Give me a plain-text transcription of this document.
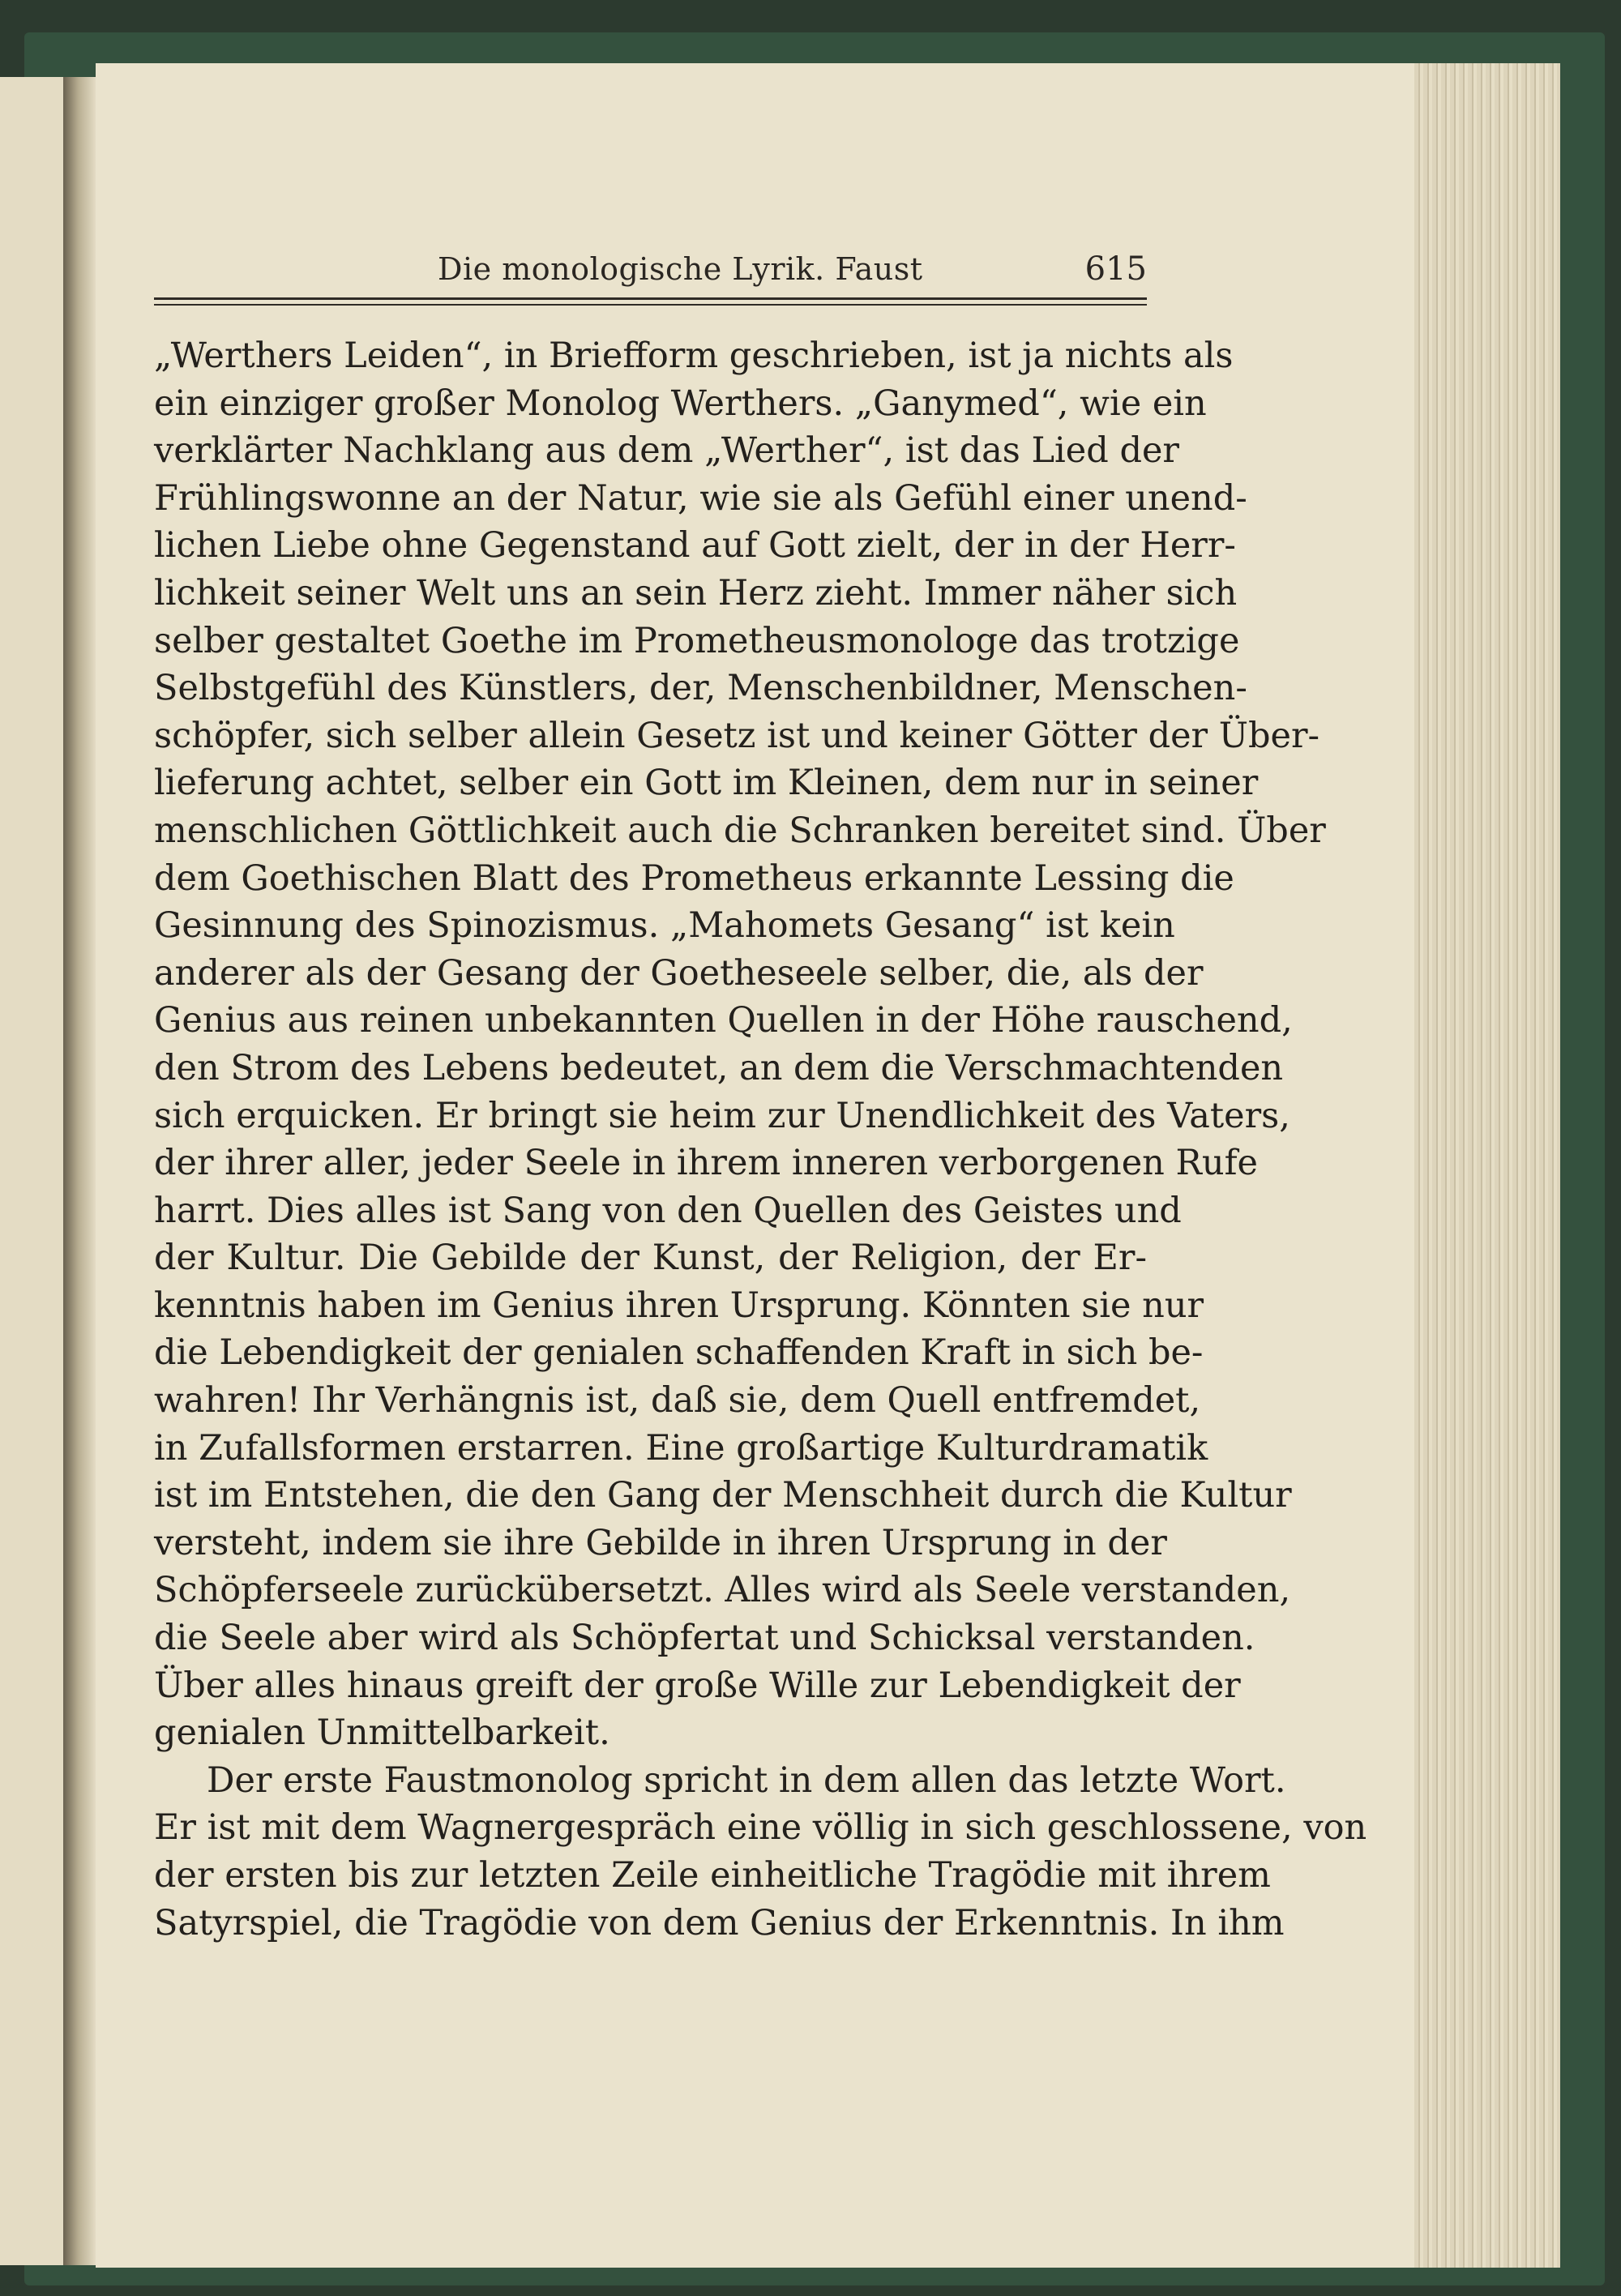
Die monologische Lyrik. Faust	615
„Werthers Leiden“, in Briefform geschrieben, ist ja nichts als
ein einziger großer Monolog Werthers. „Ganymed“, wie ein
verklärter Nachklang aus dem „Werther“, ist das Lied der
Frühlingswonne an der Natur, wie sie als Gefühl einer unend-
lichen Liebe ohne Gegenstand auf Gott zielt, der in der Herr-
lichkeit seiner Welt uns an sein Herz zieht. Immer näher sich
selber gestaltet Goethe im Prometheusmonologe das trotzige
Selbstgefühl des Künstlers, der, Menschenbildner, Menschen-
schöpfer, sich selber allein Gesetz ist und keiner Götter der Über-
lieferung achtet, selber ein Gott im Kleinen, dem nur in seiner
menschlichen Göttlichkeit auch die Schranken bereitet sind. Über
dem Goethischen Blatt des Prometheus erkannte Lessing die
Gesinnung des Spinozismus. „Mahomets Gesang“ ist kein
anderer als der Gesang der Goetheseele selber, die, als der
Genius aus reinen unbekannten Quellen in der Höhe rauschend,
den Strom des Lebens bedeutet, an dem die Verschmachtenden
sich erquicken. Er bringt sie heim zur Unendlichkeit des Vaters,
der ihrer aller, jeder Seele in ihrem inneren verborgenen Rufe
harrt. Dies alles ist Sang von den Quellen des Geistes und
der Kultur. Die Gebilde der Kunst, der Religion, der Er-
kenntnis haben im Genius ihren Ursprung. Könnten sie nur
die Lebendigkeit der genialen schaffenden Kraft in sich be-
wahren! Ihr Verhängnis ist, daß sie, dem Quell entfremdet,
in Zufallsformen erstarren. Eine großartige Kulturdramatik
ist im Entstehen, die den Gang der Menschheit durch die Kultur
versteht, indem sie ihre Gebilde in ihren Ursprung in der
Schöpferseele zurückübersetzt. Alles wird als Seele verstanden,
die Seele aber wird als Schöpfertat und Schicksal verstanden.
Über alles hinaus greift der große Wille zur Lebendigkeit der
genialen Unmittelbarkeit.
Der erste Faustmonolog spricht in dem allen das letzte Wort.
Er ist mit dem Wagnergespräch eine völlig in sich geschlossene, von
der ersten bis zur letzten Zeile einheitliche Tragödie mit ihrem
Satyrspiel, die Tragödie von dem Genius der Erkenntnis. In ihm
